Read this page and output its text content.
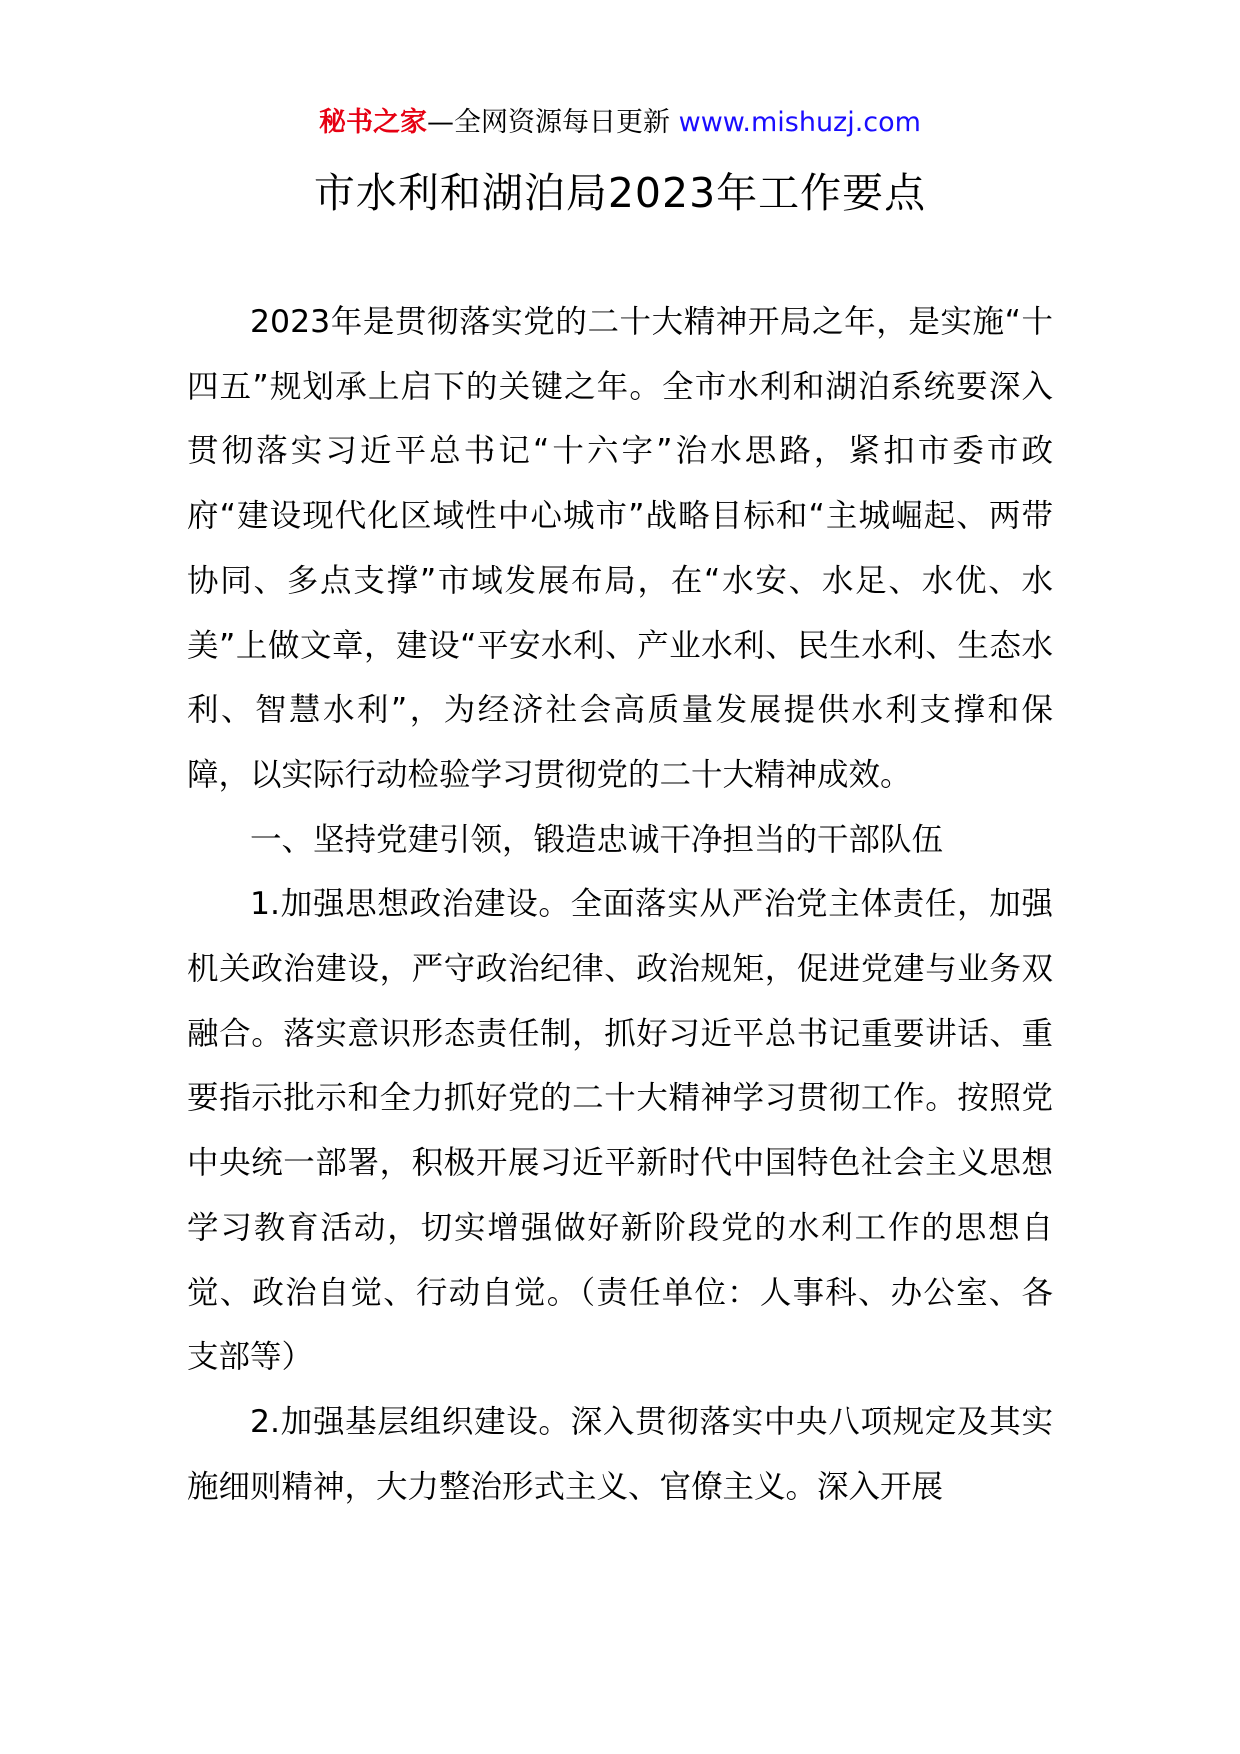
秘书之家—全网资源每日更新 www.mishuzj.com
市水利和湖泊局2023年工作要点

2023年是贯彻落实党的二十大精神开局之年，是实施“十四五”规划承上启下的关键之年。全市水利和湖泊系统要深入贯彻落实习近平总书记“十六字”治水思路，紧扣市委市政府“建设现代化区域性中心城市”战略目标和“主城崛起、两带协同、多点支撑”市域发展布局，在“水安、水足、水优、水美”上做文章，建设“平安水利、产业水利、民生水利、生态水利、智慧水利”，为经济社会高质量发展提供水利支撑和保障，以实际行动检验学习贯彻党的二十大精神成效。

一、坚持党建引领，锻造忠诚干净担当的干部队伍

1.加强思想政治建设。全面落实从严治党主体责任，加强机关政治建设，严守政治纪律、政治规矩，促进党建与业务双融合。落实意识形态责任制，抓好习近平总书记重要讲话、重要指示批示和全力抓好党的二十大精神学习贯彻工作。按照党中央统一部署，积极开展习近平新时代中国特色社会主义思想学习教育活动，切实增强做好新阶段党的水利工作的思想自觉、政治自觉、行动自觉。（责任单位：人事科、办公室、各支部等）

2.加强基层组织建设。深入贯彻落实中央八项规定及其实施细则精神，大力整治形式主义、官僚主义。深入开展
